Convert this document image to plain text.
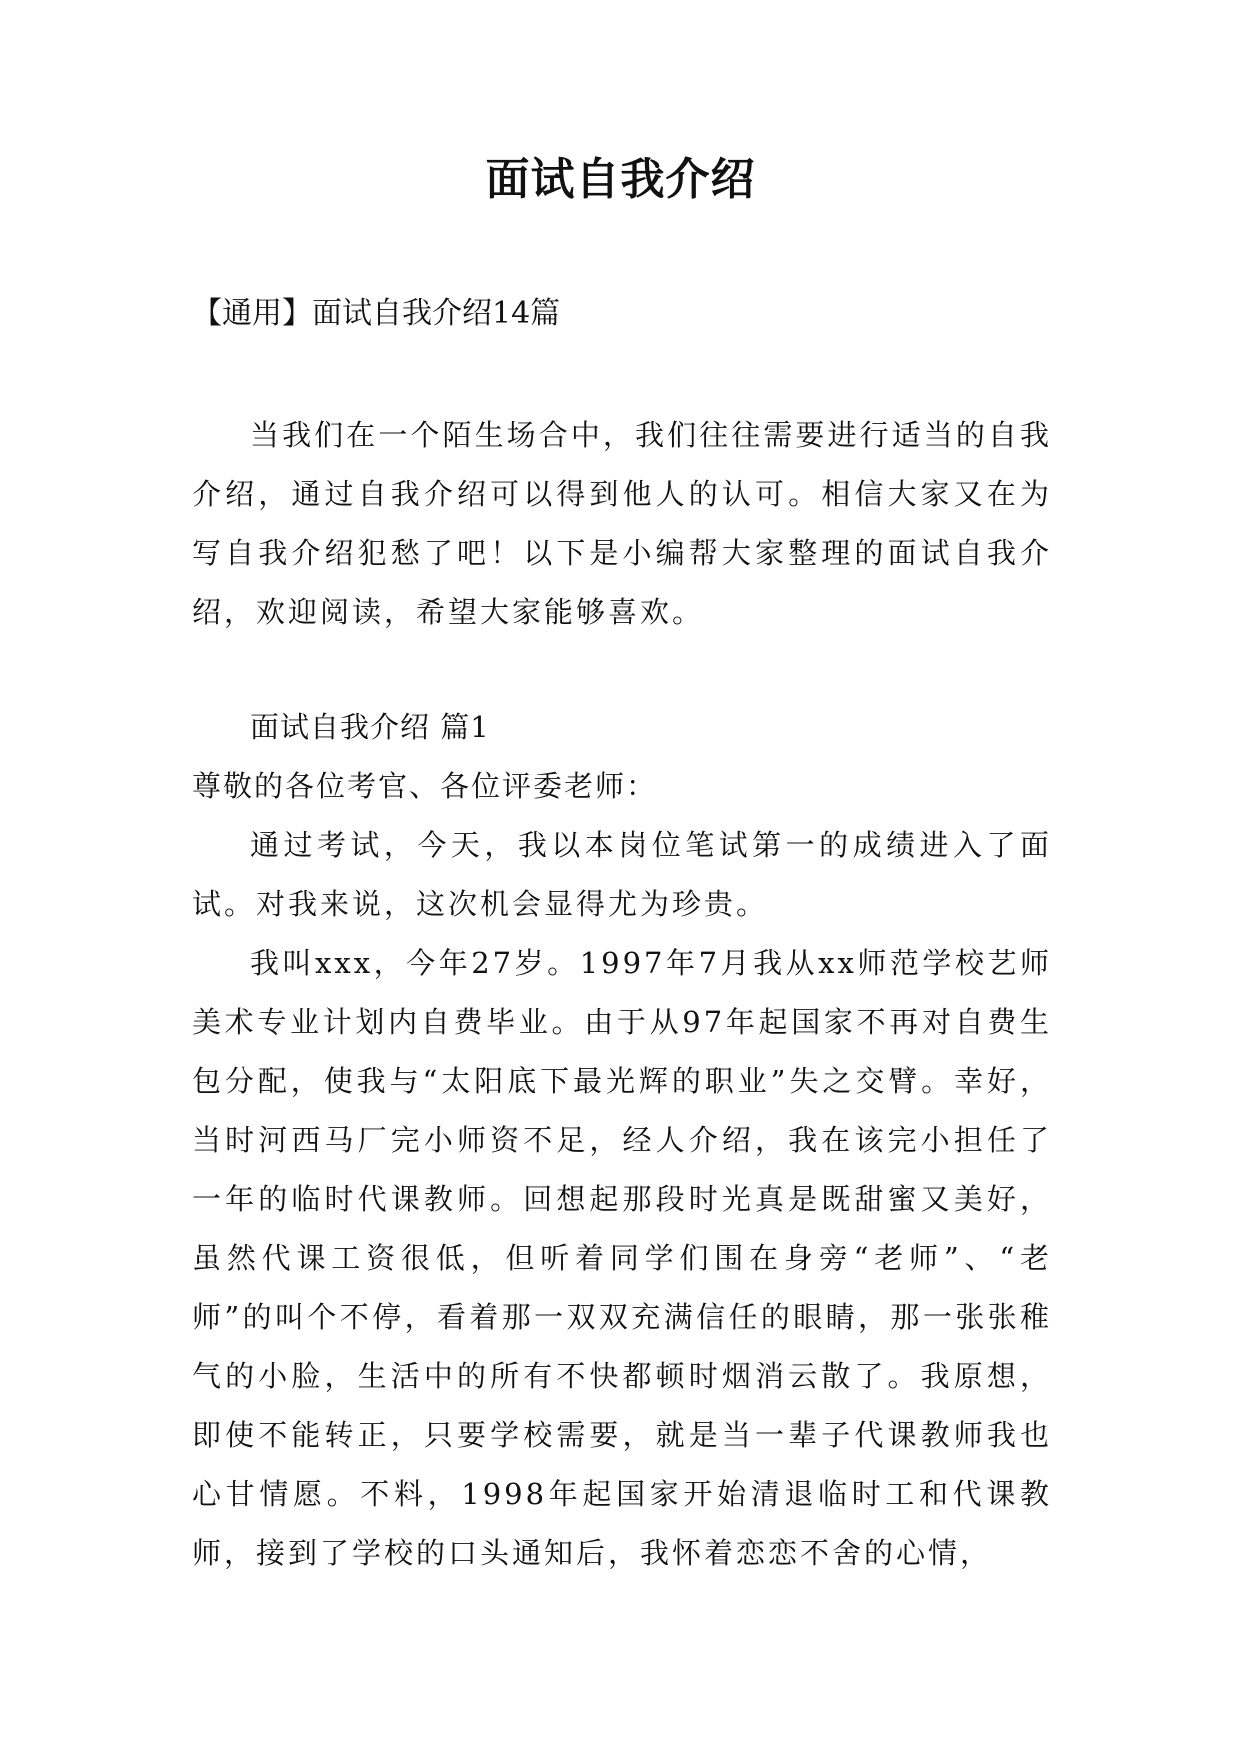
面试自我介绍

【通用】面试自我介绍14篇

当我们在一个陌生场合中，我们往往需要进行适当的自我介绍，通过自我介绍可以得到他人的认可。相信大家又在为写自我介绍犯愁了吧！以下是小编帮大家整理的面试自我介绍，欢迎阅读，希望大家能够喜欢。

面试自我介绍 篇1

尊敬的各位考官、各位评委老师：

通过考试，今天，我以本岗位笔试第一的成绩进入了面试。对我来说，这次机会显得尤为珍贵。

我叫xxx，今年27岁。1997年7月我从xx师范学校艺师美术专业计划内自费毕业。由于从97年起国家不再对自费生包分配，使我与“太阳底下最光辉的职业”失之交臂。幸好，当时河西马厂完小师资不足，经人介绍，我在该完小担任了一年的临时代课教师。回想起那段时光真是既甜蜜又美好，虽然代课工资很低，但听着同学们围在身旁“老师”、“老师”的叫个不停，看着那一双双充满信任的眼睛，那一张张稚气的小脸，生活中的所有不快都顿时烟消云散了。我原想，即使不能转正，只要学校需要，就是当一辈子代课教师我也心甘情愿。不料，1998年起国家开始清退临时工和代课教师，接到了学校的口头通知后，我怀着恋恋不舍的心情，
